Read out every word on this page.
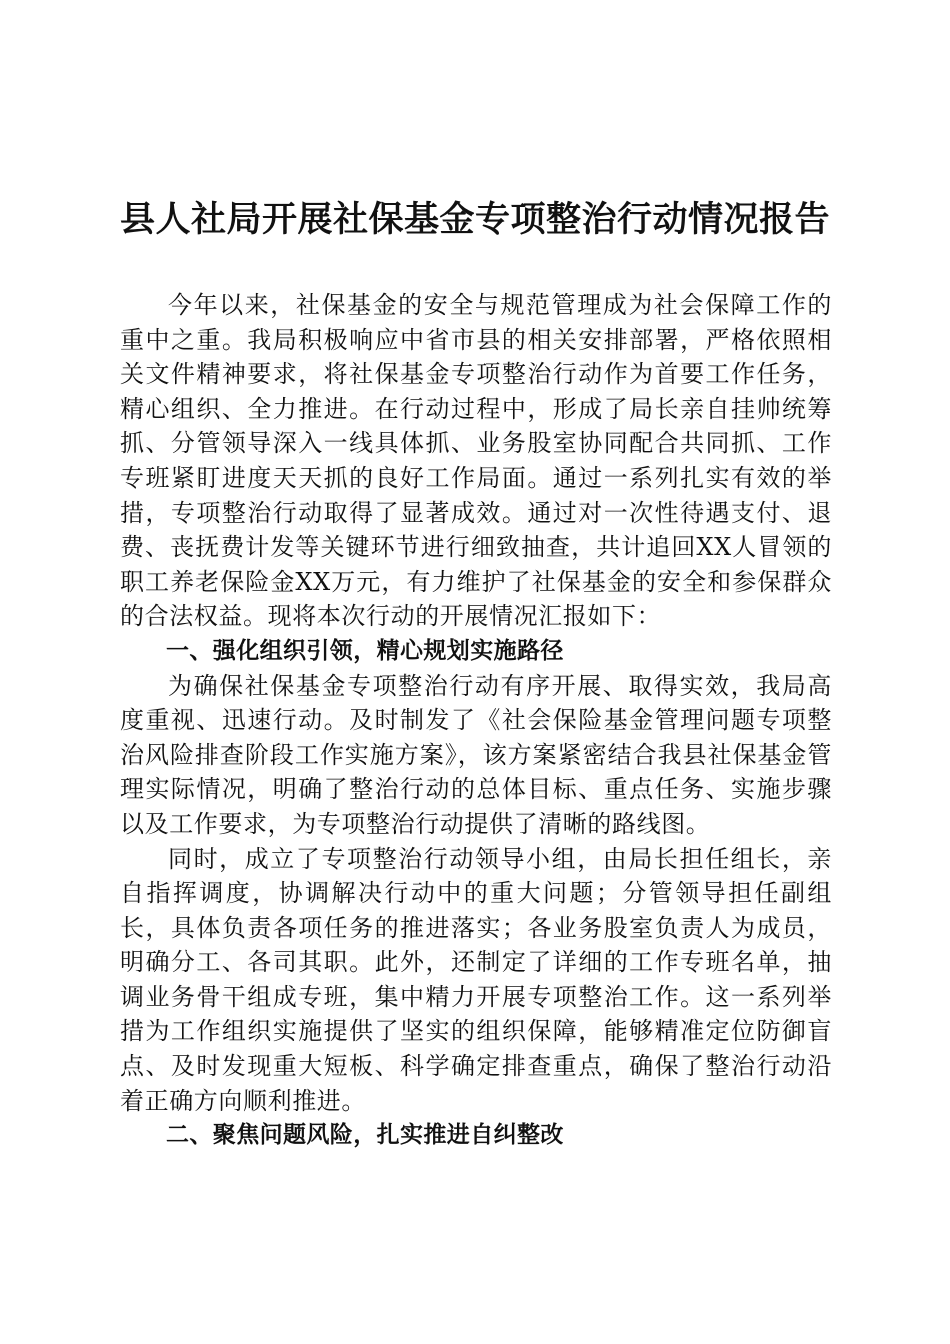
县人社局开展社保基金专项整治行动情况报告

今年以来，社保基金的安全与规范管理成为社会保障工作的重中之重。我局积极响应中省市县的相关安排部署，严格依照相关文件精神要求，将社保基金专项整治行动作为首要工作任务，精心组织、全力推进。在行动过程中，形成了局长亲自挂帅统筹抓、分管领导深入一线具体抓、业务股室协同配合共同抓、工作专班紧盯进度天天抓的良好工作局面。通过一系列扎实有效的举措，专项整治行动取得了显著成效。通过对一次性待遇支付、退费、丧抚费计发等关键环节进行细致抽查，共计追回XX人冒领的职工养老保险金XX万元，有力维护了社保基金的安全和参保群众的合法权益。现将本次行动的开展情况汇报如下：

一、强化组织引领，精心规划实施路径

为确保社保基金专项整治行动有序开展、取得实效，我局高度重视、迅速行动。及时制发了《社会保险基金管理问题专项整治风险排查阶段工作实施方案》，该方案紧密结合我县社保基金管理实际情况，明确了整治行动的总体目标、重点任务、实施步骤以及工作要求，为专项整治行动提供了清晰的路线图。

同时，成立了专项整治行动领导小组，由局长担任组长，亲自指挥调度，协调解决行动中的重大问题；分管领导担任副组长，具体负责各项任务的推进落实；各业务股室负责人为成员，明确分工、各司其职。此外，还制定了详细的工作专班名单，抽调业务骨干组成专班，集中精力开展专项整治工作。这一系列举措为工作组织实施提供了坚实的组织保障，能够精准定位防御盲点、及时发现重大短板、科学确定排查重点，确保了整治行动沿着正确方向顺利推进。

二、聚焦问题风险，扎实推进自纠整改
